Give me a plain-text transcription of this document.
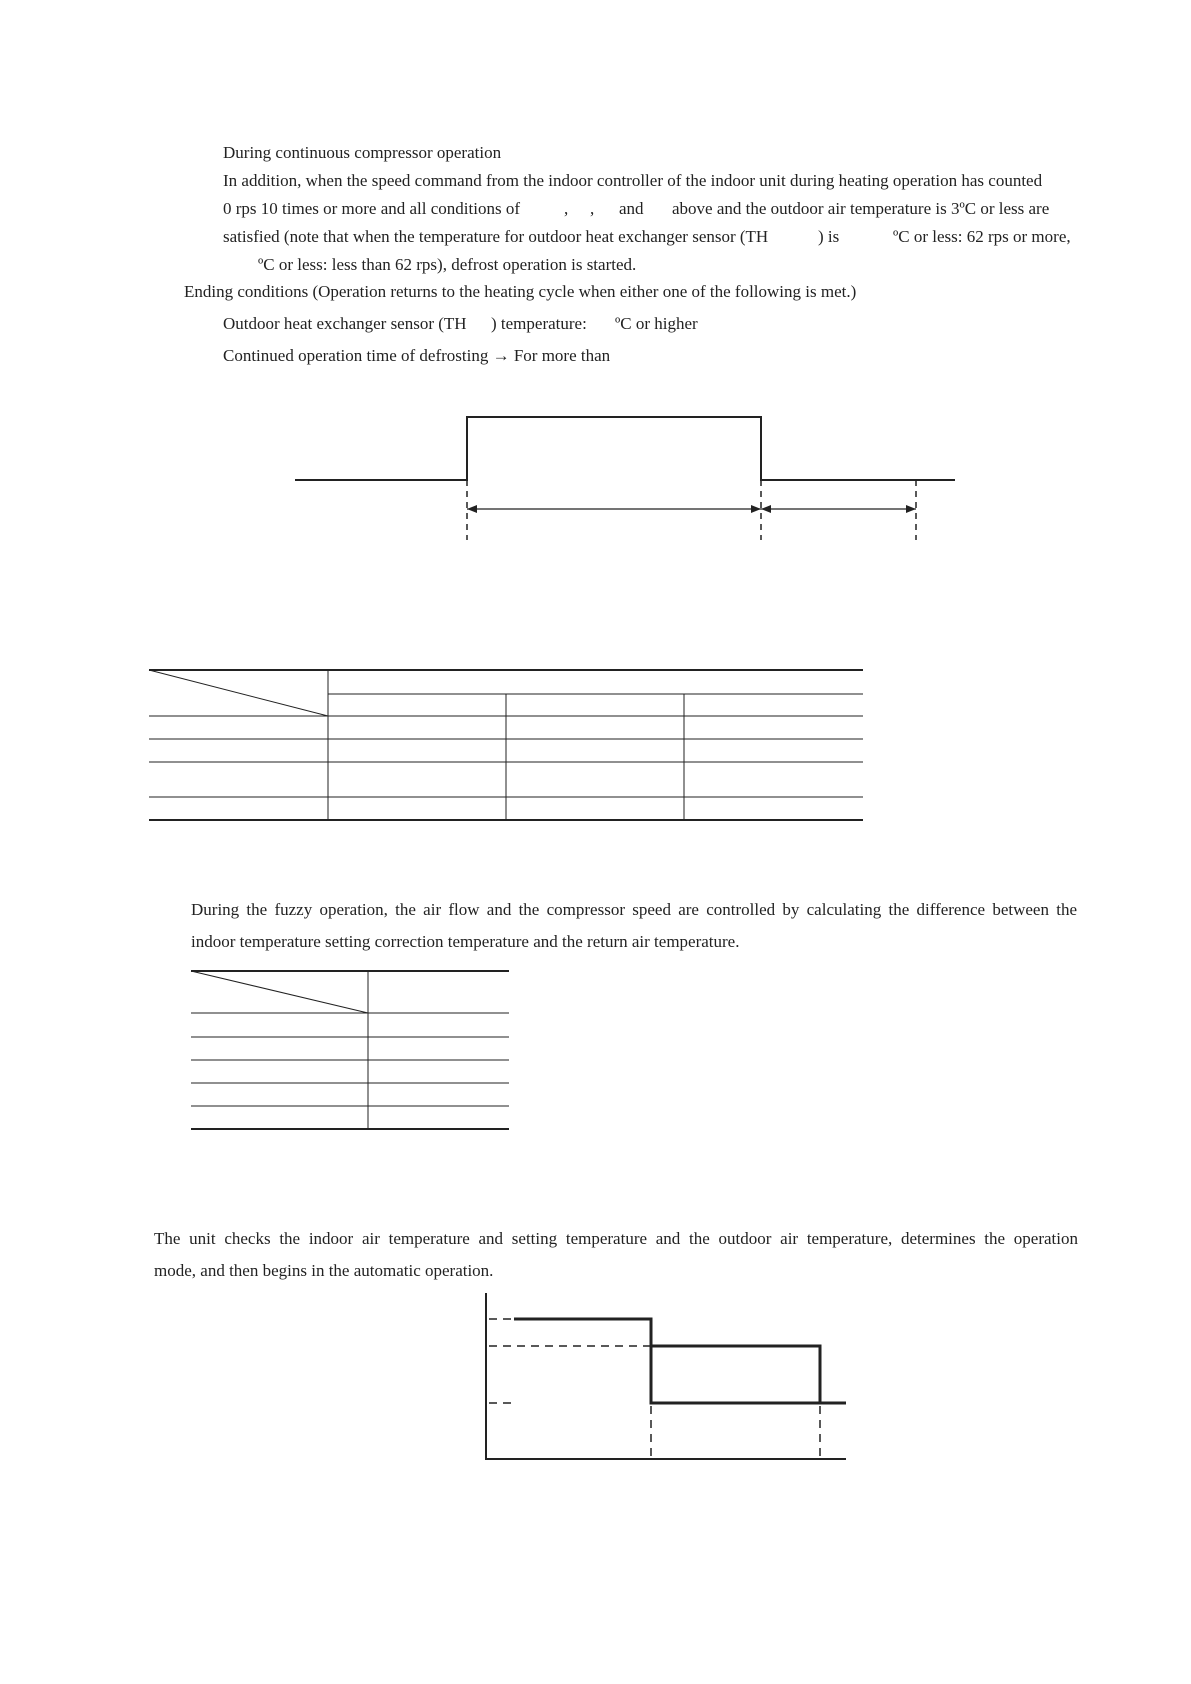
During continuous compressor operation
In addition, when the speed command from the indoor controller of the indoor unit during heating operation has counted
0 rps 10 times or more and all conditions of	, , and above and the outdoor air temperature is 3ºC or less are
satisfied (note that when the temperature for outdoor heat exchanger sensor (TH	) is	ºC or less: 62 rps or more,
ºC or less: less than 62 rps), defrost operation is started.
Ending conditions (Operation returns to the heating cycle when either one of the following is met.)
Outdoor heat exchanger sensor (TH ) temperature: ºC or higher
Continued operation time of defrosting → For more than
During the fuzzy operation, the air flow and the compressor speed are controlled by calculating the difference between the
indoor temperature setting correction temperature and the return air temperature.
The unit checks the indoor air temperature and setting temperature and the outdoor air temperature, determines the operation
mode, and then begins in the automatic operation.
